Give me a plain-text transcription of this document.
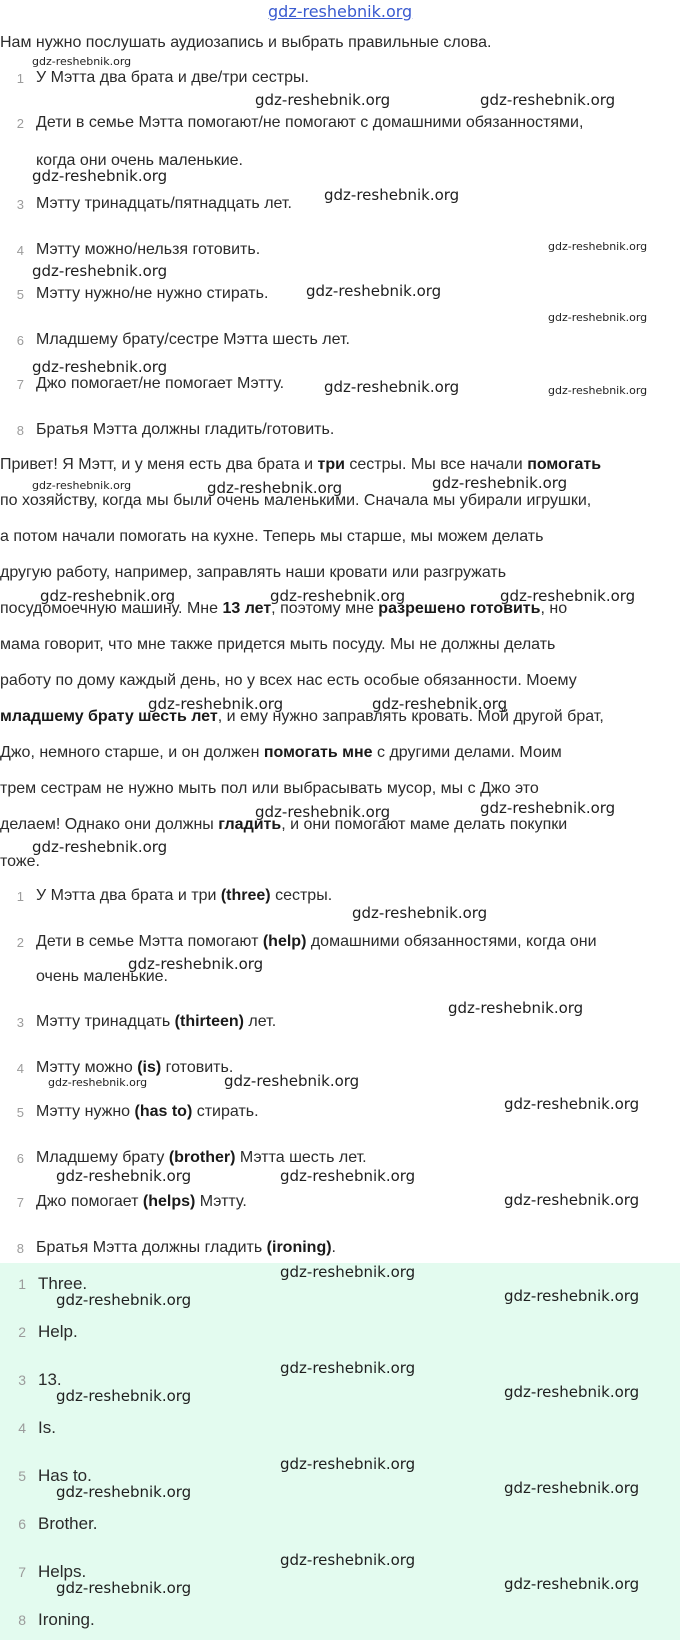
gdz-reshebnik.org
Нам нужно послушать аудиозапись и выбрать правильные слова.
1 У Мэтта два брата и две/три сестры.
2 Дети в семье Мэтта помогают/не помогают с домашними обязанностями,
когда они очень маленькие.
3 Мэтту тринадцать/пятнадцать лет.
4 Мэтту можно/нельзя готовить.
5 Мэтту нужно/не нужно стирать.
6 Младшему брату/сестре Мэтта шесть лет.
7 Джо помогает/не помогает Мэтту.
8 Братья Мэтта должны гладить/готовить.
Привет! Я Мэтт, и у меня есть два брата и три сестры. Мы все начали помогать
по хозяйству, когда мы были очень маленькими. Сначала мы убирали игрушки,
а потом начали помогать на кухне. Теперь мы старше, мы можем делать
другую работу, например, заправлять наши кровати или разгружать
посудомоечную машину. Мне 13 лет, поэтому мне разрешено готовить, но
мама говорит, что мне также придется мыть посуду. Мы не должны делать
работу по дому каждый день, но у всех нас есть особые обязанности. Моему
младшему брату шесть лет, и ему нужно заправлять кровать. Мой другой брат,
Джо, немного старше, и он должен помогать мне с другими делами. Моим
трем сестрам не нужно мыть пол или выбрасывать мусор, мы с Джо это
делаем! Однако они должны гладить, и они помогают маме делать покупки
тоже.
1 У Мэтта два брата и три (three) сестры.
2 Дети в семье Мэтта помогают (help) домашними обязанностями, когда они
очень маленькие.
3 Мэтту тринадцать (thirteen) лет.
4 Мэтту можно (is) готовить.
5 Мэтту нужно (has to) стирать.
6 Младшему брату (brother) Мэтта шесть лет.
7 Джо помогает (helps) Мэтту.
8 Братья Мэтта должны гладить (ironing).
1 Three.
2 Help.
3 13.
4 Is.
5 Has to.
6 Brother.
7 Helps.
8 Ironing.
gdz-reshebnik.org
gdz-reshebnik.org	gdz-reshebnik.org
gdz-reshebnik.org
gdz-reshebnik.org
gdz-reshebnik.org
gdz-reshebnik.org
gdz-reshebnik.org
gdz-reshebnik.org
gdz-reshebnik.org
gdz-reshebnik.org	gdz-reshebnik.org
gdz-reshebnik.org	gdz-reshebnik.org	gdz-reshebnik.org
gdz-reshebnik.org	gdz-reshebnik.org	gdz-reshebnik.org
gdz-reshebnik.org	gdz-reshebnik.org
gdz-reshebnik.org	gdz-reshebnik.org
gdz-reshebnik.org
gdz-reshebnik.org
gdz-reshebnik.org
gdz-reshebnik.org
gdz-reshebnik.org	gdz-reshebnik.org
gdz-reshebnik.org
gdz-reshebnik.org	gdz-reshebnik.org
gdz-reshebnik.org
gdz-reshebnik.org
gdz-reshebnik.org	gdz-reshebnik.org
gdz-reshebnik.org
gdz-reshebnik.org	gdz-reshebnik.org
gdz-reshebnik.org
gdz-reshebnik.org	gdz-reshebnik.org
gdz-reshebnik.org
gdz-reshebnik.org	gdz-reshebnik.org
